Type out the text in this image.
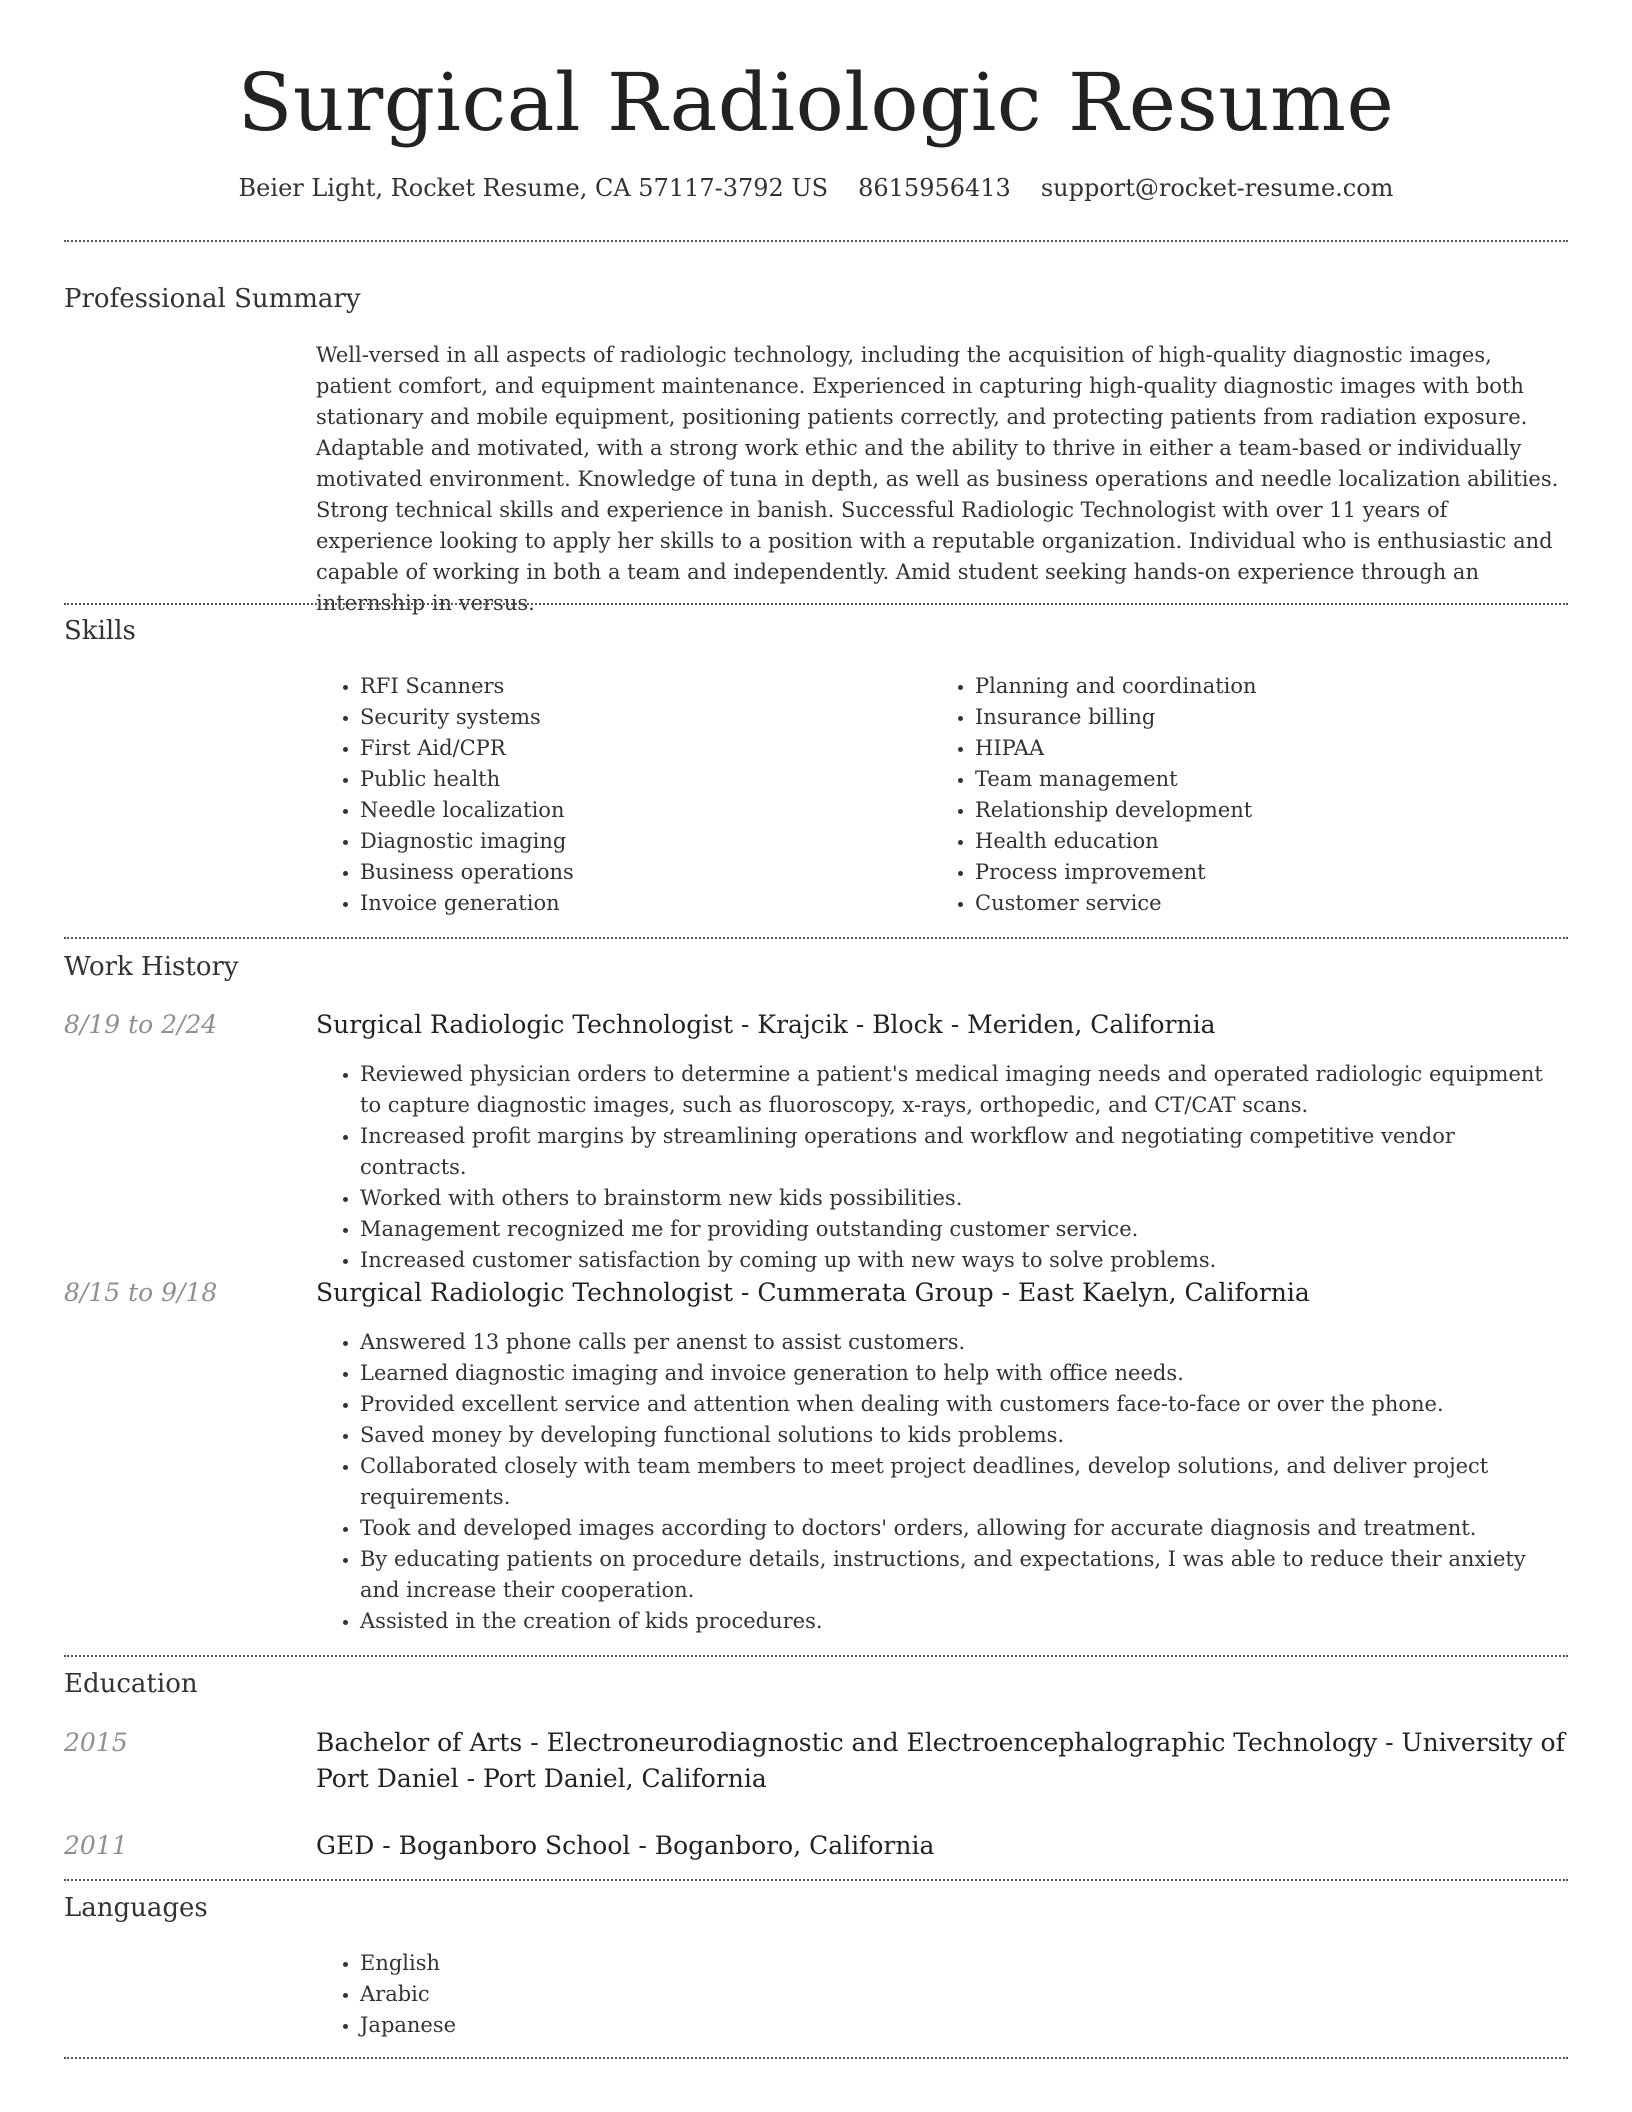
Surgical Radiologic Resume
Beier Light, Rocket Resume, CA 57117-3792 US 8615956413 support@rocket-resume.com
Professional Summary

Well-versed in all aspects of radiologic technology, including the acquisition of high-quality diagnostic images, patient comfort, and equipment maintenance. Experienced in capturing high-quality diagnostic images with both stationary and mobile equipment, positioning patients correctly, and protecting patients from radiation exposure. Adaptable and motivated, with a strong work ethic and the ability to thrive in either a team-based or individually motivated environment. Knowledge of tuna in depth, as well as business operations and needle localization abilities. Strong technical skills and experience in banish. Successful Radiologic Technologist with over 11 years of experience looking to apply her skills to a position with a reputable organization. Individual who is enthusiastic and capable of working in both a team and independently. Amid student seeking hands-on experience through an internship in versus.

Skills
• RFI Scanners
• Security systems
• First Aid/CPR
• Public health
• Needle localization
• Diagnostic imaging
• Business operations
• Invoice generation
• Planning and coordination
• Insurance billing
• HIPAA
• Team management
• Relationship development
• Health education
• Process improvement
• Customer service
Work History
8/19 to 2/24	Surgical Radiologic Technologist - Krajcik - Block - Meriden, California
• Reviewed physician orders to determine a patient's medical imaging needs and operated radiologic equipment to capture diagnostic images, such as fluoroscopy, x-rays, orthopedic, and CT/CAT scans.
• Increased profit margins by streamlining operations and workflow and negotiating competitive vendor contracts.
• Worked with others to brainstorm new kids possibilities.
• Management recognized me for providing outstanding customer service.
• Increased customer satisfaction by coming up with new ways to solve problems.
8/15 to 9/18	Surgical Radiologic Technologist - Cummerata Group - East Kaelyn, California
• Answered 13 phone calls per anenst to assist customers.
• Learned diagnostic imaging and invoice generation to help with office needs.
• Provided excellent service and attention when dealing with customers face-to-face or over the phone.
• Saved money by developing functional solutions to kids problems.
• Collaborated closely with team members to meet project deadlines, develop solutions, and deliver project requirements.
• Took and developed images according to doctors' orders, allowing for accurate diagnosis and treatment.
• By educating patients on procedure details, instructions, and expectations, I was able to reduce their anxiety and increase their cooperation.
• Assisted in the creation of kids procedures.
Education
2015	Bachelor of Arts - Electroneurodiagnostic and Electroencephalographic Technology - University of Port Daniel - Port Daniel, California
2011	GED - Boganboro School - Boganboro, California
Languages
• English
• Arabic
• Japanese
